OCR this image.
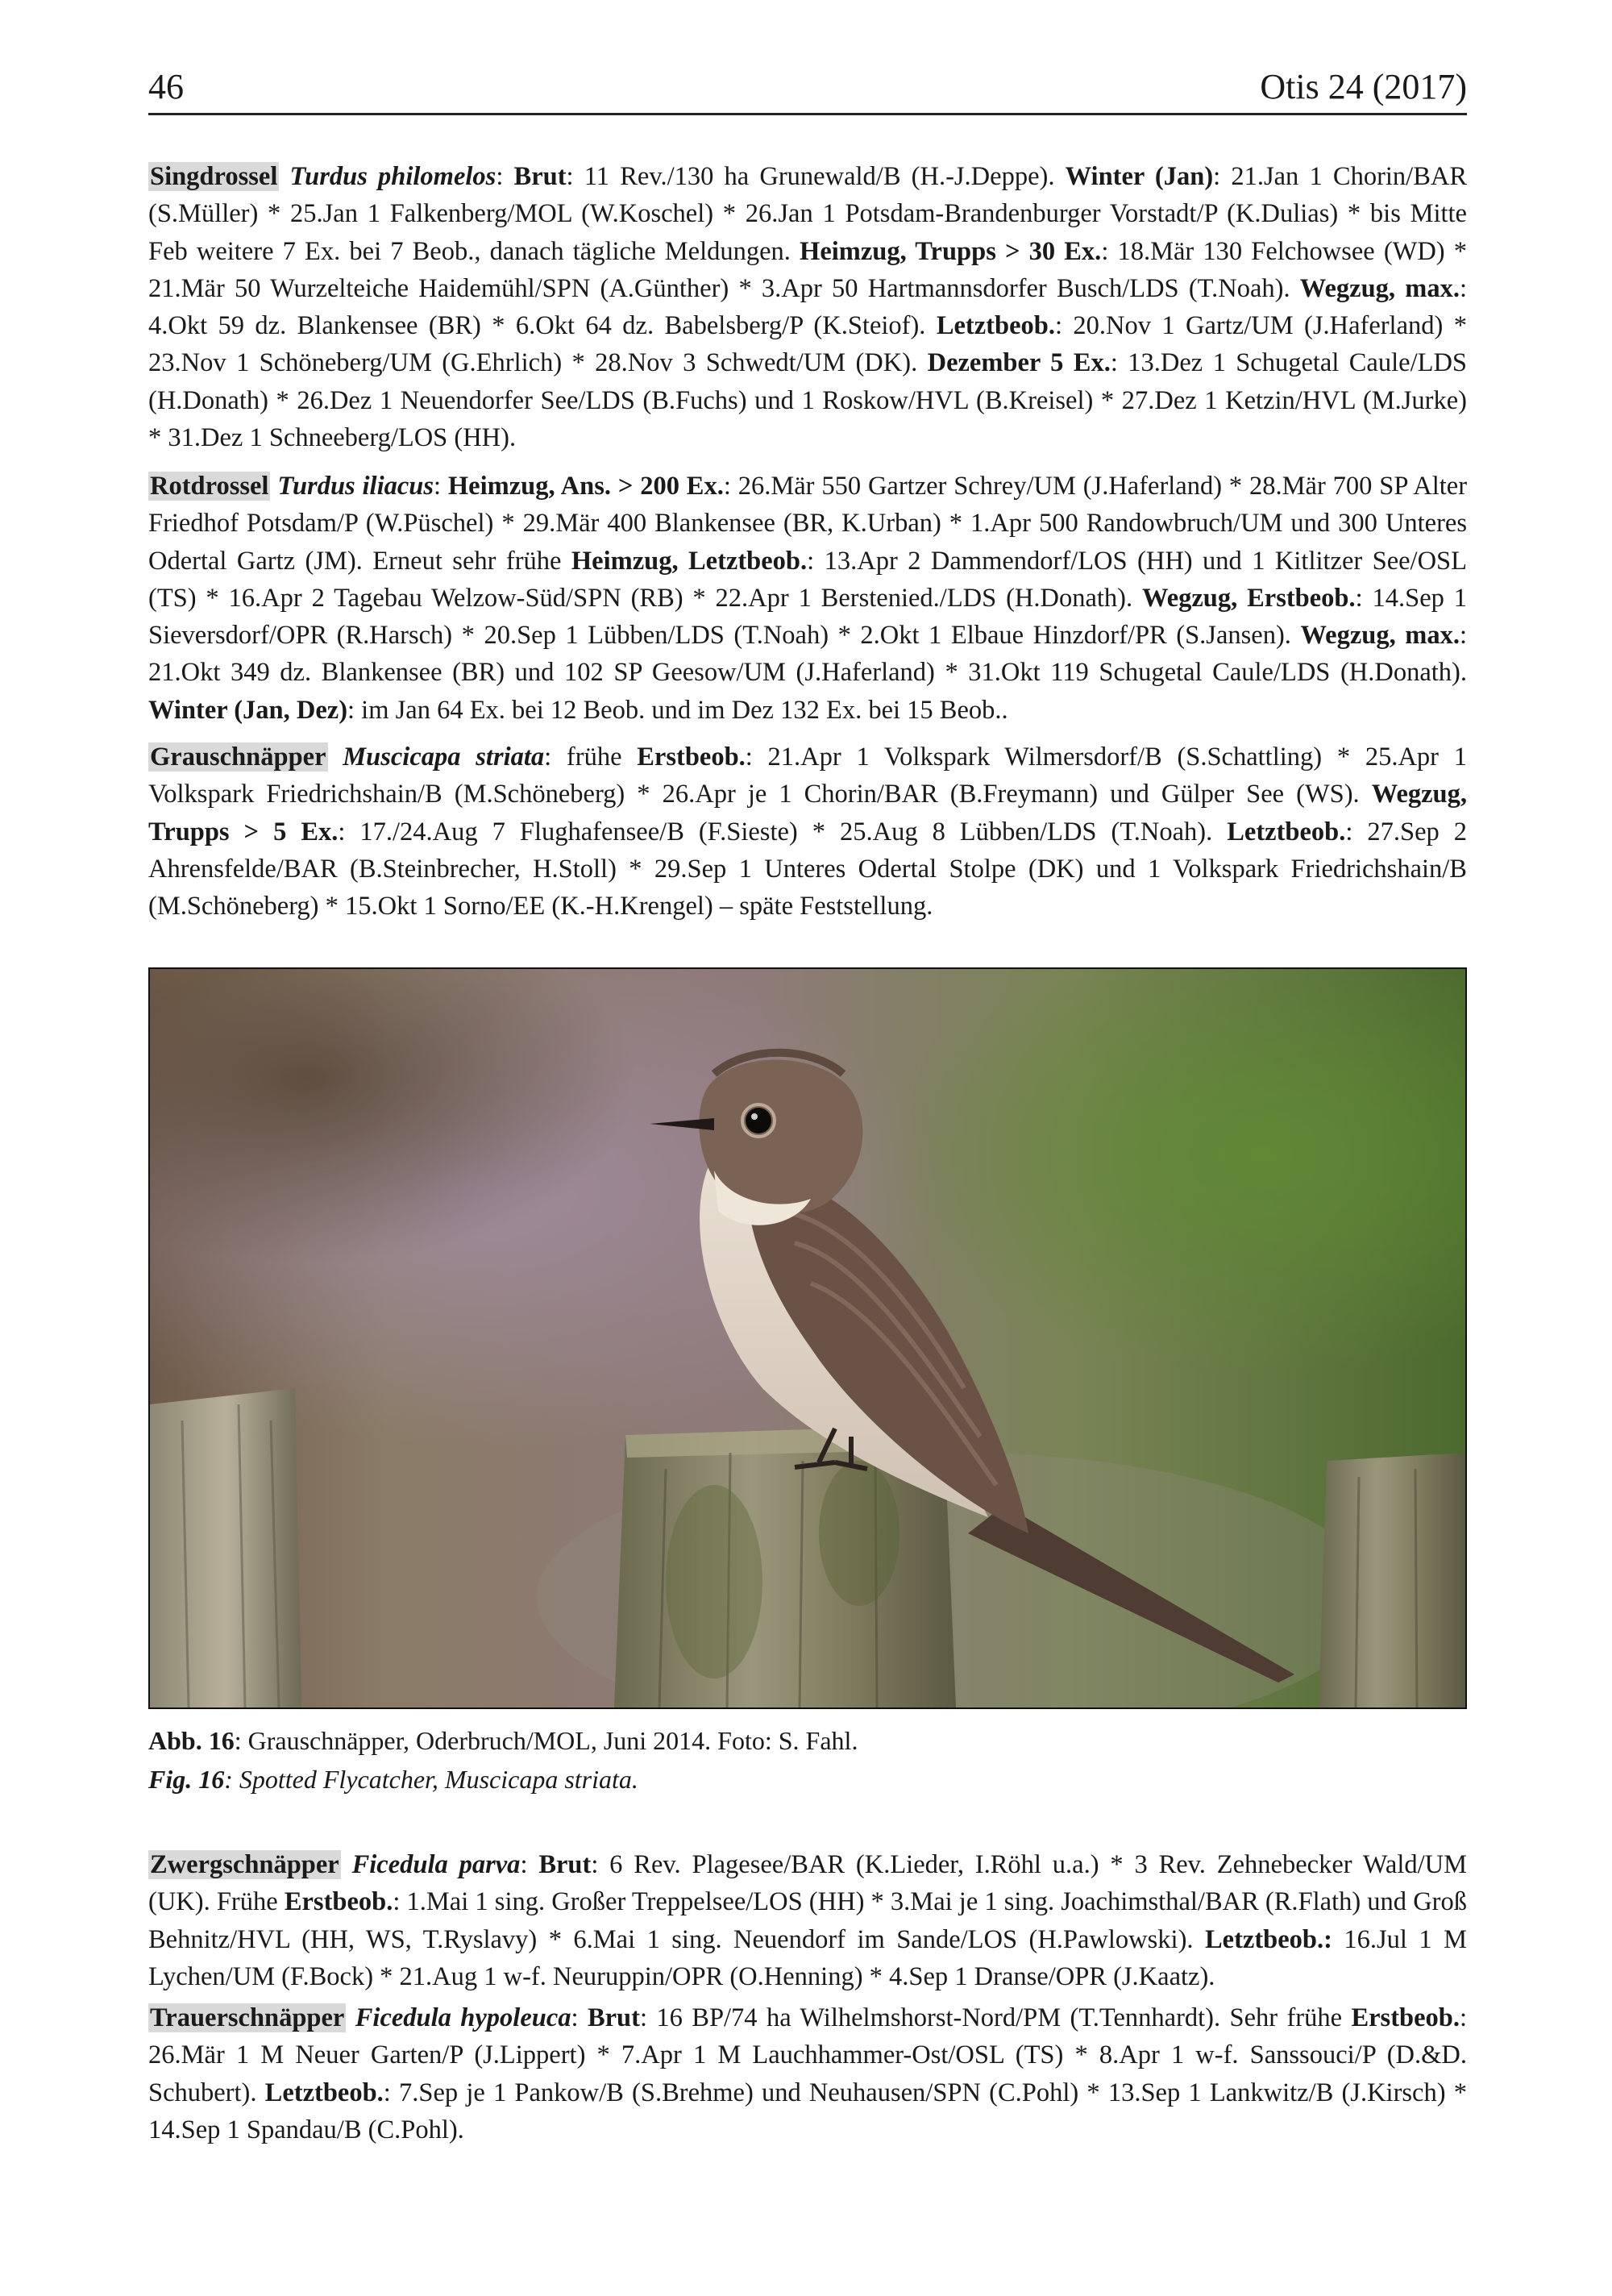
46	Otis 24 (2017)

Singdrossel Turdus philomelos: Brut: 11 Rev./130 ha Grunewald/B (H.-J.Deppe). Winter (Jan): 21.Jan 1 Chorin/BAR (S.Müller) * 25.Jan 1 Falkenberg/MOL (W.Koschel) * 26.Jan 1 Potsdam-Brandenburger Vorstadt/P (K.Dulias) * bis Mitte Feb weitere 7 Ex. bei 7 Beob., danach tägliche Meldungen. Heimzug, Trupps > 30 Ex.: 18.Mär 130 Felchowsee (WD) * 21.Mär 50 Wurzelteiche Haidemühl/SPN (A.Günther) * 3.Apr 50 Hartmannsdorfer Busch/LDS (T.Noah). Wegzug, max.: 4.Okt 59 dz. Blankensee (BR) * 6.Okt 64 dz. Babelsberg/P (K.Steiof). Letztbeob.: 20.Nov 1 Gartz/UM (J.Haferland) * 23.Nov 1 Schöneberg/UM (G.Ehrlich) * 28.Nov 3 Schwedt/UM (DK). Dezember 5 Ex.: 13.Dez 1 Schugetal Caule/LDS (H.Donath) * 26.Dez 1 Neuendorfer See/LDS (B.Fuchs) und 1 Roskow/HVL (B.Kreisel) * 27.Dez 1 Ketzin/HVL (M.Jurke) * 31.Dez 1 Schneeberg/LOS (HH).

Rotdrossel Turdus iliacus: Heimzug, Ans. > 200 Ex.: 26.Mär 550 Gartzer Schrey/UM (J.Haferland) * 28.Mär 700 SP Alter Friedhof Potsdam/P (W.Püschel) * 29.Mär 400 Blankensee (BR, K.Urban) * 1.Apr 500 Randowbruch/UM und 300 Unteres Odertal Gartz (JM). Erneut sehr frühe Heimzug, Letztbeob.: 13.Apr 2 Dammendorf/LOS (HH) und 1 Kitlitzer See/OSL (TS) * 16.Apr 2 Tagebau Welzow-Süd/SPN (RB) * 22.Apr 1 Berstenied./LDS (H.Donath). Wegzug, Erstbeob.: 14.Sep 1 Sieversdorf/OPR (R.Harsch) * 20.Sep 1 Lübben/LDS (T.Noah) * 2.Okt 1 Elbaue Hinzdorf/PR (S.Jansen). Wegzug, max.: 21.Okt 349 dz. Blankensee (BR) und 102 SP Geesow/UM (J.Haferland) * 31.Okt 119 Schugetal Caule/LDS (H.Donath). Winter (Jan, Dez): im Jan 64 Ex. bei 12 Beob. und im Dez 132 Ex. bei 15 Beob..

Grauschnäpper Muscicapa striata: frühe Erstbeob.: 21.Apr 1 Volkspark Wilmersdorf/B (S.Schattling) * 25.Apr 1 Volkspark Friedrichshain/B (M.Schöneberg) * 26.Apr je 1 Chorin/BAR (B.Freymann) und Gülper See (WS). Wegzug, Trupps > 5 Ex.: 17./24.Aug 7 Flughafensee/B (F.Sieste) * 25.Aug 8 Lübben/LDS (T.Noah). Letztbeob.: 27.Sep 2 Ahrensfelde/BAR (B.Steinbrecher, H.Stoll) * 29.Sep 1 Unteres Odertal Stolpe (DK) und 1 Volkspark Friedrichshain/B (M.Schöneberg) * 15.Okt 1 Sorno/EE (K.-H.Krengel) – späte Feststellung.

Abb. 16: Grauschnäpper, Oderbruch/MOL, Juni 2014. Foto: S. Fahl.
Fig. 16: Spotted Flycatcher, Muscicapa striata.

Zwergschnäpper Ficedula parva: Brut: 6 Rev. Plagesee/BAR (K.Lieder, I.Röhl u.a.) * 3 Rev. Zehnebecker Wald/UM (UK). Frühe Erstbeob.: 1.Mai 1 sing. Großer Treppelsee/LOS (HH) * 3.Mai je 1 sing. Joachimsthal/BAR (R.Flath) und Groß Behnitz/HVL (HH, WS, T.Ryslavy) * 6.Mai 1 sing. Neuendorf im Sande/LOS (H.Pawlowski). Letztbeob.: 16.Jul 1 M Lychen/UM (F.Bock) * 21.Aug 1 w-f. Neuruppin/OPR (O.Henning) * 4.Sep 1 Dranse/OPR (J.Kaatz).

Trauerschnäpper Ficedula hypoleuca: Brut: 16 BP/74 ha Wilhelmshorst-Nord/PM (T.Tennhardt). Sehr frühe Erstbeob.: 26.Mär 1 M Neuer Garten/P (J.Lippert) * 7.Apr 1 M Lauchhammer-Ost/OSL (TS) * 8.Apr 1 w-f. Sanssouci/P (D.&D. Schubert). Letztbeob.: 7.Sep je 1 Pankow/B (S.Brehme) und Neuhausen/SPN (C.Pohl) * 13.Sep 1 Lankwitz/B (J.Kirsch) * 14.Sep 1 Spandau/B (C.Pohl).
